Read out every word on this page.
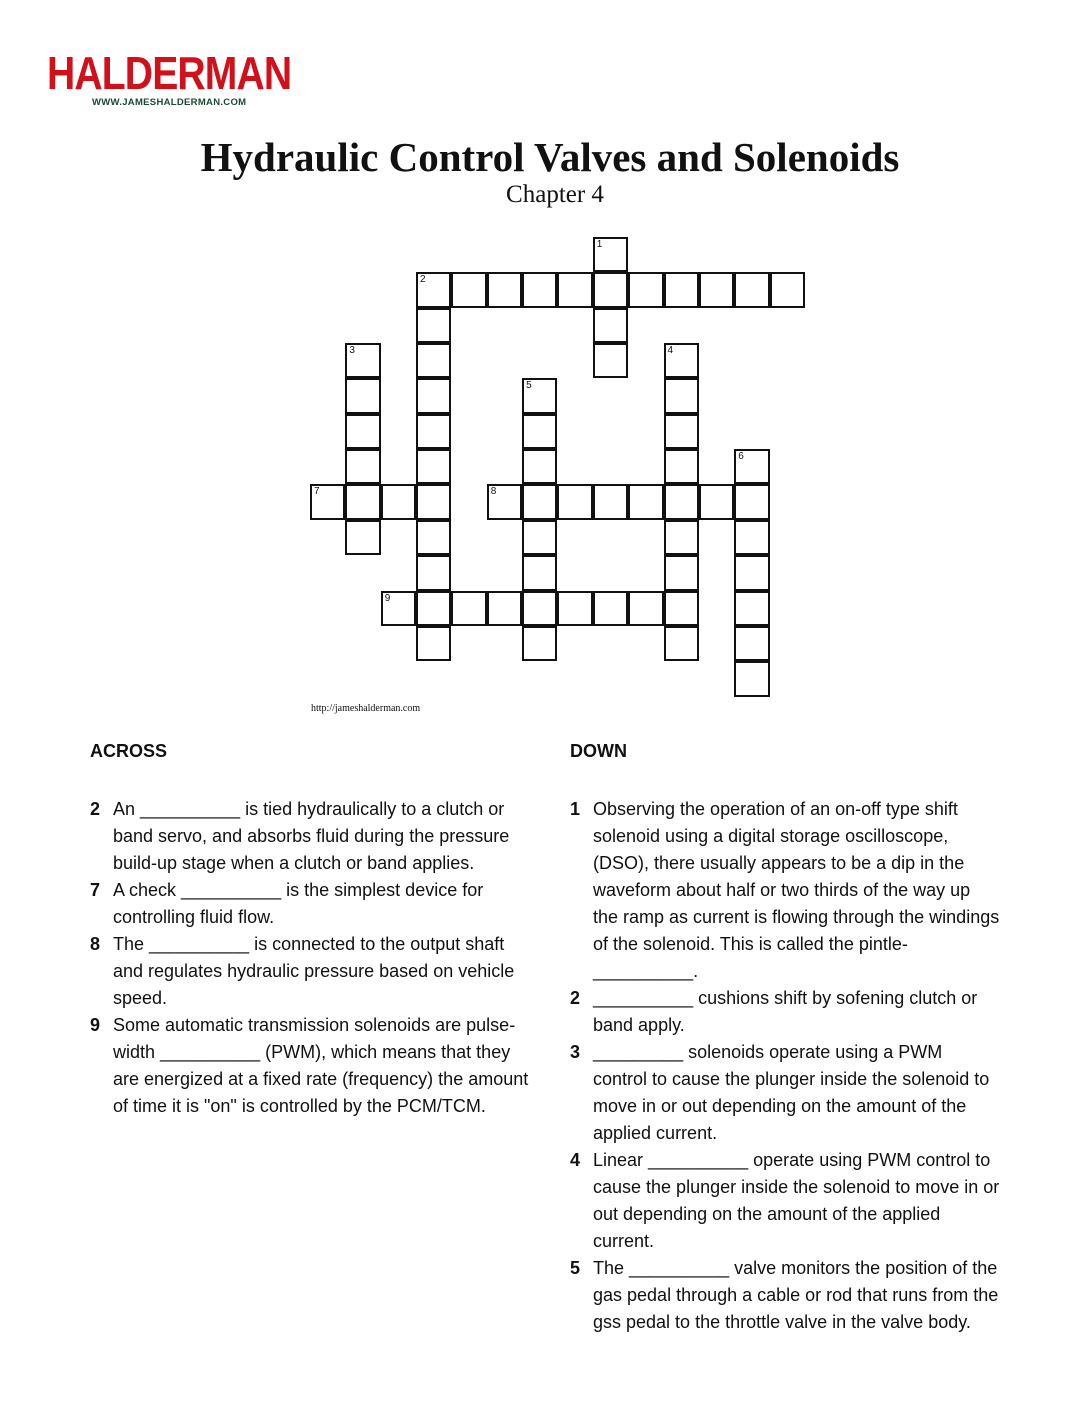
HALDERMAN
WWW.JAMESHALDERMAN.COM
Hydraulic Control Valves and Solenoids
Chapter 4
1
2
3	4
5
6
7	8
9
http://jameshalderman.com
ACROSS
2 An __________ is tied hydraulically to a clutch or band servo, and absorbs fluid during the pressure build-up stage when a clutch or band applies.
7 A check __________ is the simplest device for controlling fluid flow.
8 The __________ is connected to the output shaft and regulates hydraulic pressure based on vehicle speed.
9 Some automatic transmission solenoids are pulse-width __________ (PWM), which means that they are energized at a fixed rate (frequency) the amount of time it is "on" is controlled by the PCM/TCM.
DOWN
1 Observing the operation of an on-off type shift solenoid using a digital storage oscilloscope, (DSO), there usually appears to be a dip in the waveform about half or two thirds of the way up the ramp as current is flowing through the windings of the solenoid. This is called the pintle-__________.
2 __________ cushions shift by sofening clutch or band apply.
3 _________ solenoids operate using a PWM control to cause the plunger inside the solenoid to move in or out depending on the amount of the applied current.
4 Linear __________ operate using PWM control to cause the plunger inside the solenoid to move in or out depending on the amount of the applied current.
5 The __________ valve monitors the position of the gas pedal through a cable or rod that runs from the gss pedal to the throttle valve in the valve body.
